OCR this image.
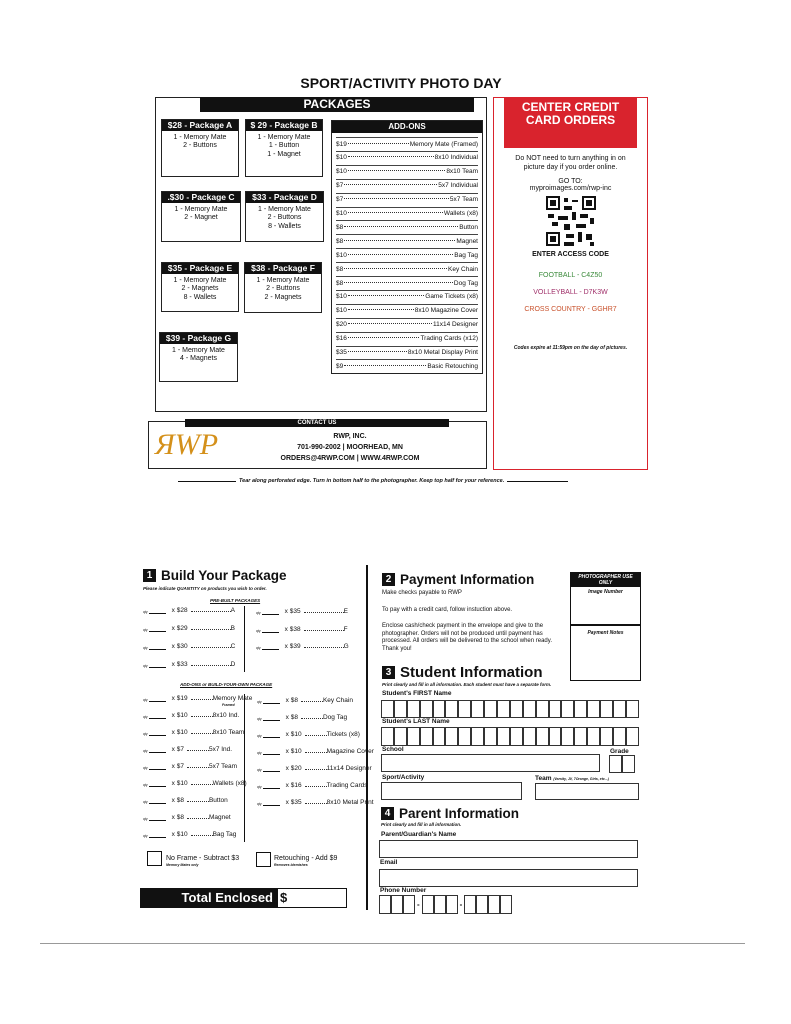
SPORT/ACTIVITY PHOTO DAY
PACKAGES
$28 - Package A
1 - Memory Mate
2 - Buttons
$ 29 - Package B
1 - Memory Mate
1 - Button
1 - Magnet
.$30 - Package C
1 - Memory Mate
2 - Magnet
$33 - Package D
1 - Memory Mate
2 - Buttons
8 - Wallets
$35 - Package E
1 - Memory Mate
2 - Magnets
8 - Wallets
$38 - Package F
1 - Memory Mate
2 - Buttons
2 - Magnets
$39 - Package G
1 - Memory Mate
4 - Magnets
ADD-ONS
$19	Memory Mate (Framed)
$10	8x10 Individual
$10	8x10 Team
$7	5x7 Individual
$7	5x7 Team
$10	Wallets (x8)
$8	Button
$8	Magnet
$10	Bag Tag
$8	Key Chain
$8	Dog Tag
$10	Game Tickets (x8)
$10	8x10 Magazine Cover
$20	11x14 Designer
$16	Trading Cards (x12)
$35	8x10 Metal Display Print
$9	Basic Retouching
CENTER CREDIT CARD ORDERS
Do NOT need to turn anything in on picture day if you order online.
GO TO:
myproimages.com/rwp-inc
ENTER ACCESS CODE
FOOTBALL - C4Z50
VOLLEYBALL - D7K3W
CROSS COUNTRY - GGHR7
Codes expire at 11:59pm on the day of pictures.
CONTACT US
ЯWP	RWP, INC.
701-990-2002 | MOORHEAD, MN
ORDERS@4RWP.COM | WWW.4RWP.COM
Tear along perforated edge. Turn in bottom half to the photographer. Keep top half for your reference.
1 Build Your Package
Please indicate QUANTITY on products you wish to order.
PRE-BUILT PACKAGES
ADD-ONS or BUILD-YOUR-OWN PACKAGE
qty	x $28	A
qty	x $29	B
qty	x $30	C
qty	x $33	D
qty	x $35	E
qty	x $38	F
qty	x $39	G
qty	x $19	Memory Mate
qty	x $10	8x10 Ind.
qty	x $10	8x10 Team
qty	x $7	5x7 Ind.
qty	x $7	5x7 Team
qty	x $10	Wallets (x8)
qty	x $8	Button
qty	x $8	Magnet
qty	x $10	Bag Tag
qty	x $8	Key Chain
qty	x $8	Dog Tag
qty	x $10	Tickets (x8)
qty	x $10	Magazine Cover
qty	x $20	11x14 Designer
qty	x $16	Trading Cards
qty	x $35	8x10 Metal Print
Framed
No Frame - Subtract $3
Memory Mates only
Retouching - Add $9
Removes blemishes
Total Enclosed $
2 Payment Information
Make checks payable to RWP
To pay with a credit card, follow instuction above.
Enclose cash/check payment in the envelope and give to the photographer. Orders will not be produced until payment has processed. All orders will be delivered to the school when ready. Thank you!
PHOTOGRAPHER USE ONLY
Image Number
Payment Notes
3 Student Information
Print clearly and fill in all information. Each student must have a separate form.
Student's FIRST Name
Student's LAST Name
School	Grade
Sport/Activity	Team (Varsity, JV, 7Orange, Girls, etc...)
4 Parent Information
Print clearly and fill in all information.
Parent/Guardian's Name
Email
Phone Number
-	-
